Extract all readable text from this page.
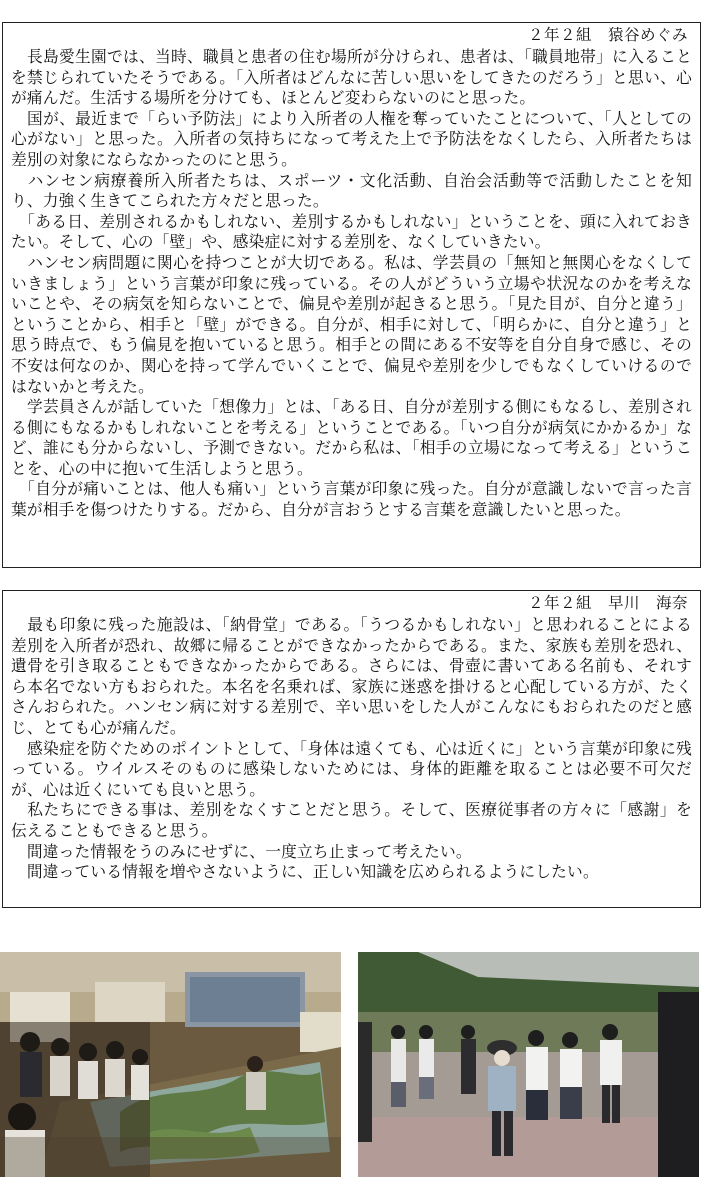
２年２組　猿谷めぐみ

　長島愛生園では、当時、職員と患者の住む場所が分けられ、患者は、「職員地帯」に入ることを禁じられていたそうである。「入所者はどんなに苦しい思いをしてきたのだろう」と思い、心が痛んだ。生活する場所を分けても、ほとんど変わらないのにと思った。

　国が、最近まで「らい予防法」により入所者の人権を奪っていたことについて、「人としての心がない」と思った。入所者の気持ちになって考えた上で予防法をなくしたら、入所者たちは差別の対象にならなかったのにと思う。

　ハンセン病療養所入所者たちは、スポーツ・文化活動、自治会活動等で活動したことを知り、力強く生きてこられた方々だと思った。

　「ある日、差別されるかもしれない、差別するかもしれない」ということを、頭に入れておきたい。そして、心の「壁」や、感染症に対する差別を、なくしていきたい。

　ハンセン病問題に関心を持つことが大切である。私は、学芸員の「無知と無関心をなくしていきましょう」という言葉が印象に残っている。その人がどういう立場や状況なのかを考えないことや、その病気を知らないことで、偏見や差別が起きると思う。「見た目が、自分と違う」ということから、相手と「壁」ができる。自分が、相手に対して、「明らかに、自分と違う」と思う時点で、もう偏見を抱いていると思う。相手との間にある不安等を自分自身で感じ、その不安は何なのか、関心を持って学んでいくことで、偏見や差別を少しでもなくしていけるのではないかと考えた。

　学芸員さんが話していた「想像力」とは、「ある日、自分が差別する側にもなるし、差別される側にもなるかもしれないことを考える」ということである。「いつ自分が病気にかかるか」など、誰にも分からないし、予測できない。だから私は、「相手の立場になって考える」ということを、心の中に抱いて生活しようと思う。

　「自分が痛いことは、他人も痛い」という言葉が印象に残った。自分が意識しないで言った言葉が相手を傷つけたりする。だから、自分が言おうとする言葉を意識したいと思った。

２年２組　早川　海奈

　最も印象に残った施設は、「納骨堂」である。「うつるかもしれない」と思われることによる差別を入所者が恐れ、故郷に帰ることができなかったからである。また、家族も差別を恐れ、遺骨を引き取ることもできなかったからである。さらには、骨壺に書いてある名前も、それすら本名でない方もおられた。本名を名乗れば、家族に迷惑を掛けると心配している方が、たくさんおられた。ハンセン病に対する差別で、辛い思いをした人がこんなにもおられたのだと感じ、とても心が痛んだ。

　感染症を防ぐためのポイントとして、「身体は遠くても、心は近くに」という言葉が印象に残っている。ウイルスそのものに感染しないためには、身体的距離を取ることは必要不可欠だが、心は近くにいても良いと思う。

　私たちにできる事は、差別をなくすことだと思う。そして、医療従事者の方々に「感謝」を伝えることもできると思う。

　間違った情報をうのみにせずに、一度立ち止まって考えたい。

　間違っている情報を増やさないように、正しい知識を広められるようにしたい。
